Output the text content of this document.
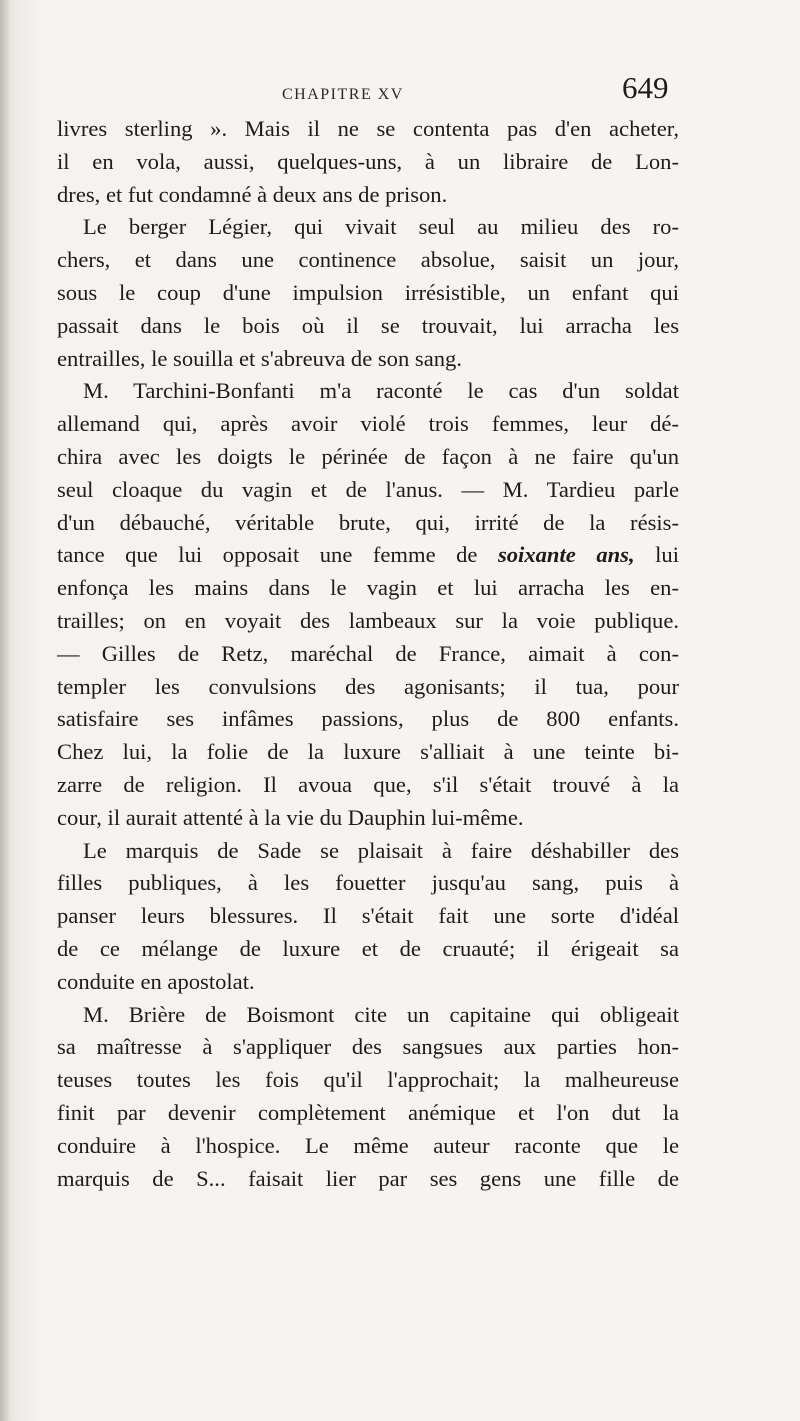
CHAPITRE XV	649
livres sterling ». Mais il ne se contenta pas d'en acheter,
il en vola, aussi, quelques-uns, à un libraire de Lon-
dres, et fut condamné à deux ans de prison.
Le berger Légier, qui vivait seul au milieu des ro-
chers, et dans une continence absolue, saisit un jour,
sous le coup d'une impulsion irrésistible, un enfant qui
passait dans le bois où il se trouvait, lui arracha les
entrailles, le souilla et s'abreuva de son sang.
M. Tarchini-Bonfanti m'a raconté le cas d'un soldat
allemand qui, après avoir violé trois femmes, leur dé-
chira avec les doigts le périnée de façon à ne faire qu'un
seul cloaque du vagin et de l'anus. — M. Tardieu parle
d'un débauché, véritable brute, qui, irrité de la résis-
tance que lui opposait une femme de soixante ans, lui
enfonça les mains dans le vagin et lui arracha les en-
trailles; on en voyait des lambeaux sur la voie publique.
— Gilles de Retz, maréchal de France, aimait à con-
templer les convulsions des agonisants; il tua, pour
satisfaire ses infâmes passions, plus de 800 enfants.
Chez lui, la folie de la luxure s'alliait à une teinte bi-
zarre de religion. Il avoua que, s'il s'était trouvé à la
cour, il aurait attenté à la vie du Dauphin lui-même.
Le marquis de Sade se plaisait à faire déshabiller des
filles publiques, à les fouetter jusqu'au sang, puis à
panser leurs blessures. Il s'était fait une sorte d'idéal
de ce mélange de luxure et de cruauté; il érigeait sa
conduite en apostolat.
M. Brière de Boismont cite un capitaine qui obligeait
sa maîtresse à s'appliquer des sangsues aux parties hon-
teuses toutes les fois qu'il l'approchait; la malheureuse
finit par devenir complètement anémique et l'on dut la
conduire à l'hospice. Le même auteur raconte que le
marquis de S... faisait lier par ses gens une fille de
